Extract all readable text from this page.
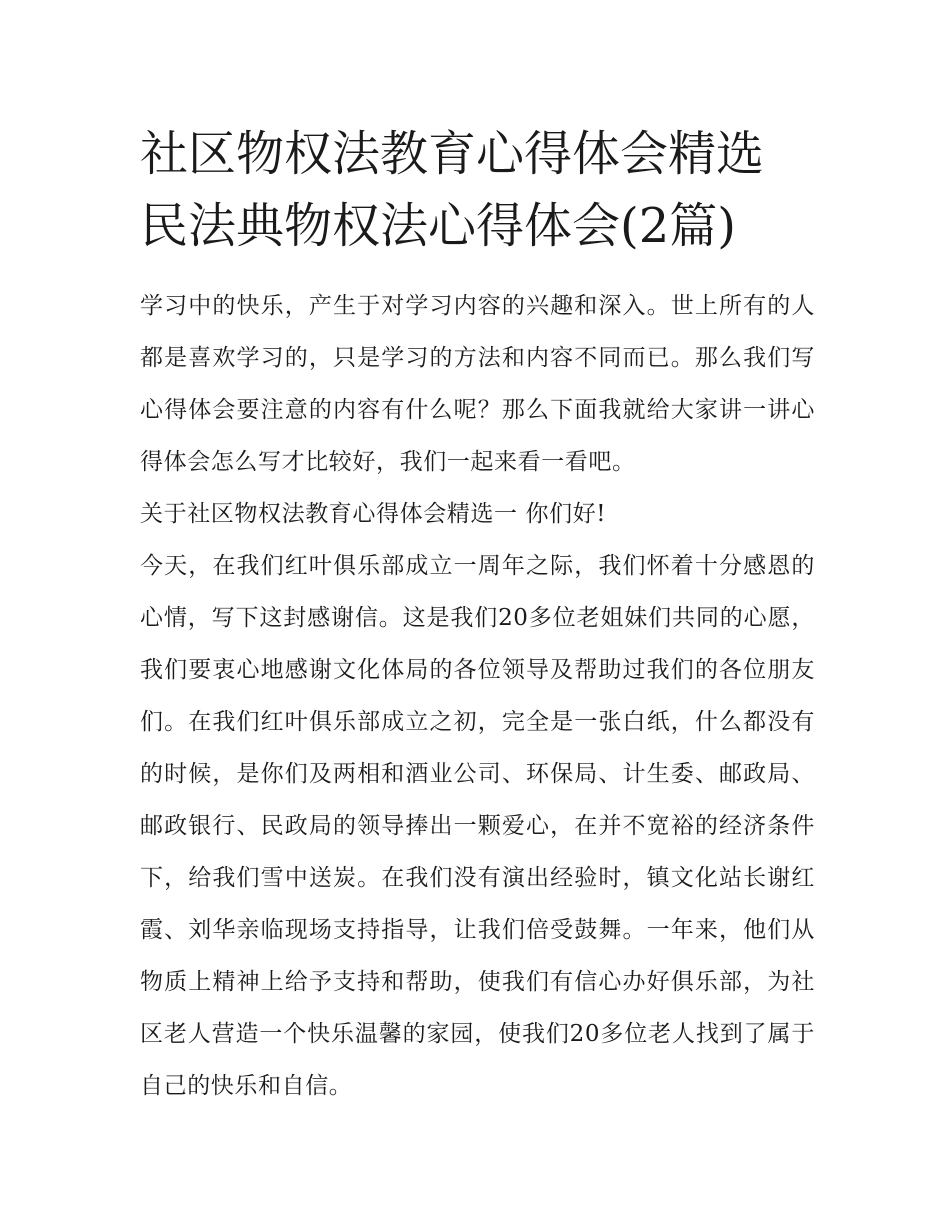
社区物权法教育心得体会精选
民法典物权法心得体会(2篇)

学习中的快乐，产生于对学习内容的兴趣和深入。世上所有的人都是喜欢学习的，只是学习的方法和内容不同而已。那么我们写心得体会要注意的内容有什么呢？那么下面我就给大家讲一讲心得体会怎么写才比较好，我们一起来看一看吧。

关于社区物权法教育心得体会精选一 你们好!

今天，在我们红叶俱乐部成立一周年之际，我们怀着十分感恩的心情，写下这封感谢信。这是我们20多位老姐妹们共同的心愿，我们要衷心地感谢文化体局的各位领导及帮助过我们的各位朋友们。在我们红叶俱乐部成立之初，完全是一张白纸，什么都没有的时候，是你们及两相和酒业公司、环保局、计生委、邮政局、邮政银行、民政局的领导捧出一颗爱心，在并不宽裕的经济条件下，给我们雪中送炭。在我们没有演出经验时，镇文化站长谢红霞、刘华亲临现场支持指导，让我们倍受鼓舞。一年来，他们从物质上精神上给予支持和帮助，使我们有信心办好俱乐部，为社区老人营造一个快乐温馨的家园，使我们20多位老人找到了属于自己的快乐和自信。
